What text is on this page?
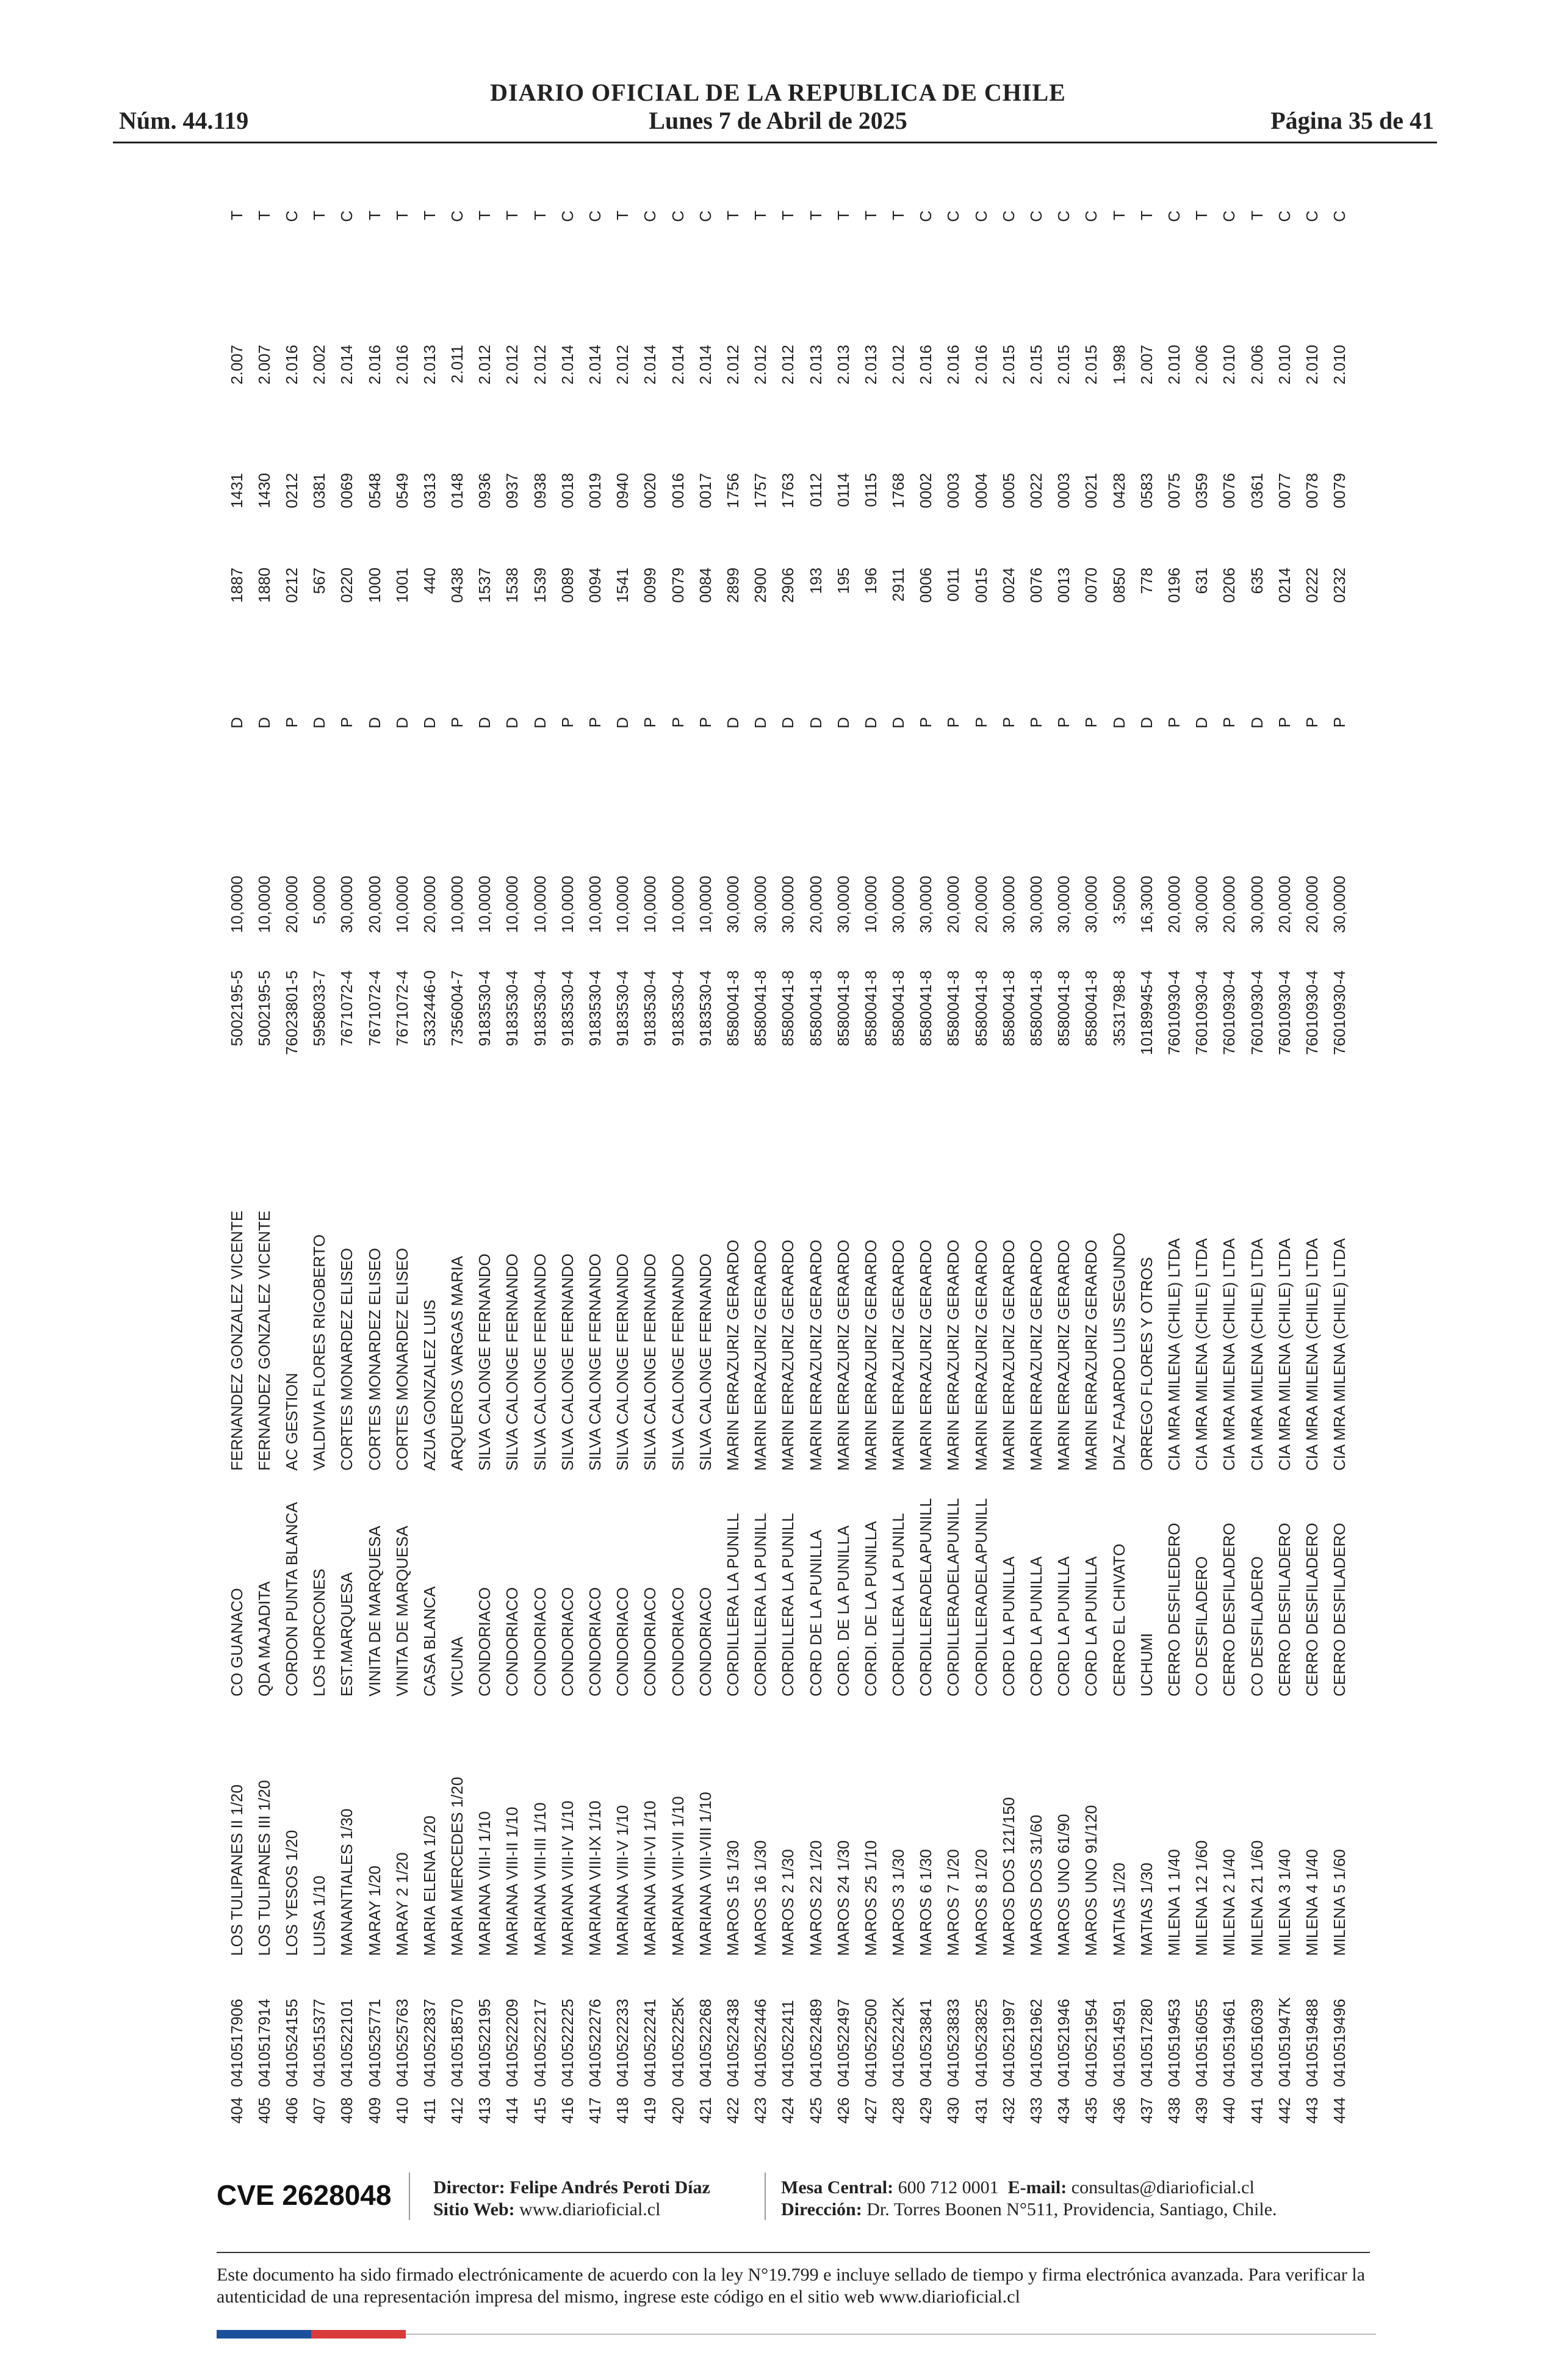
DIARIO OFICIAL DE LA REPUBLICA DE CHILE
Núm. 44.119	Lunes 7 de Abril de 2025	Página 35 de 41
404	0410517906	LOS TULIPANES II 1/20	CO GUANACO	FERNANDEZ GONZALEZ VICENTE	5002195-5	10,0000	D	1887	1431	2.007	T
405	0410517914	LOS TULIPANES III 1/20	QDA MAJADITA	FERNANDEZ GONZALEZ VICENTE	5002195-5	10,0000	D	1880	1430	2.007	T
406	0410524155	LOS YESOS 1/20	CORDON PUNTA BLANCA	AC GESTION	76023801-5	20,0000	P	0212	0212	2.016	C
407	0410515377	LUISA 1/10	LOS HORCONES	VALDIVIA FLORES RIGOBERTO	5958033-7	5,0000	D	567	0381	2.002	T
408	0410522101	MANANTIALES 1/30	EST.MARQUESA	CORTES MONARDEZ ELISEO	7671072-4	30,0000	P	0220	0069	2.014	C
409	0410525771	MARAY 1/20	VINITA DE MARQUESA	CORTES MONARDEZ ELISEO	7671072-4	20,0000	D	1000	0548	2.016	T
410	0410525763	MARAY 2 1/20	VINITA DE MARQUESA	CORTES MONARDEZ ELISEO	7671072-4	10,0000	D	1001	0549	2.016	T
411	0410522837	MARIA ELENA 1/20	CASA BLANCA	AZUA GONZALEZ LUIS	5332446-0	20,0000	D	440	0313	2.013	T
412	0410518570	MARIA MERCEDES 1/20	VICUNA	ARQUEROS VARGAS MARIA	7356004-7	10,0000	P	0438	0148	2.011	C
413	0410522195	MARIANA VIII-I 1/10	CONDORIACO	SILVA CALONGE FERNANDO	9183530-4	10,0000	D	1537	0936	2.012	T
414	0410522209	MARIANA VIII-II 1/10	CONDORIACO	SILVA CALONGE FERNANDO	9183530-4	10,0000	D	1538	0937	2.012	T
415	0410522217	MARIANA VIII-III 1/10	CONDORIACO	SILVA CALONGE FERNANDO	9183530-4	10,0000	D	1539	0938	2.012	T
416	0410522225	MARIANA VIII-IV 1/10	CONDORIACO	SILVA CALONGE FERNANDO	9183530-4	10,0000	P	0089	0018	2.014	C
417	0410522276	MARIANA VIII-IX 1/10	CONDORIACO	SILVA CALONGE FERNANDO	9183530-4	10,0000	P	0094	0019	2.014	C
418	0410522233	MARIANA VIII-V 1/10	CONDORIACO	SILVA CALONGE FERNANDO	9183530-4	10,0000	D	1541	0940	2.012	T
419	0410522241	MARIANA VIII-VI 1/10	CONDORIACO	SILVA CALONGE FERNANDO	9183530-4	10,0000	P	0099	0020	2.014	C
420	041052225K	MARIANA VIII-VII 1/10	CONDORIACO	SILVA CALONGE FERNANDO	9183530-4	10,0000	P	0079	0016	2.014	C
421	0410522268	MARIANA VIII-VIII 1/10	CONDORIACO	SILVA CALONGE FERNANDO	9183530-4	10,0000	P	0084	0017	2.014	C
422	0410522438	MAROS 15 1/30	CORDILLERA LA PUNILL	MARIN ERRAZURIZ GERARDO	8580041-8	30,0000	D	2899	1756	2.012	T
423	0410522446	MAROS 16 1/30	CORDILLERA LA PUNILL	MARIN ERRAZURIZ GERARDO	8580041-8	30,0000	D	2900	1757	2.012	T
424	0410522411	MAROS 2 1/30	CORDILLERA LA PUNILL	MARIN ERRAZURIZ GERARDO	8580041-8	30,0000	D	2906	1763	2.012	T
425	0410522489	MAROS 22 1/20	CORD DE LA PUNILLA	MARIN ERRAZURIZ GERARDO	8580041-8	20,0000	D	193	0112	2.013	T
426	0410522497	MAROS 24 1/30	CORD. DE LA PUNILLA	MARIN ERRAZURIZ GERARDO	8580041-8	30,0000	D	195	0114	2.013	T
427	0410522500	MAROS 25 1/10	CORDI. DE LA PUNILLA	MARIN ERRAZURIZ GERARDO	8580041-8	10,0000	D	196	0115	2.013	T
428	041052242K	MAROS 3 1/30	CORDILLERA LA PUNILL	MARIN ERRAZURIZ GERARDO	8580041-8	30,0000	D	2911	1768	2.012	T
429	0410523841	MAROS 6 1/30	CORDILLERADELAPUNILL	MARIN ERRAZURIZ GERARDO	8580041-8	30,0000	P	0006	0002	2.016	C
430	0410523833	MAROS 7 1/20	CORDILLERADELAPUNILL	MARIN ERRAZURIZ GERARDO	8580041-8	20,0000	P	0011	0003	2.016	C
431	0410523825	MAROS 8 1/20	CORDILLERADELAPUNILL	MARIN ERRAZURIZ GERARDO	8580041-8	20,0000	P	0015	0004	2.016	C
432	0410521997	MAROS DOS 121/150	CORD LA PUNILLA	MARIN ERRAZURIZ GERARDO	8580041-8	30,0000	P	0024	0005	2.015	C
433	0410521962	MAROS DOS 31/60	CORD LA PUNILLA	MARIN ERRAZURIZ GERARDO	8580041-8	30,0000	P	0076	0022	2.015	C
434	0410521946	MAROS UNO 61/90	CORD LA PUNILLA	MARIN ERRAZURIZ GERARDO	8580041-8	30,0000	P	0013	0003	2.015	C
435	0410521954	MAROS UNO 91/120	CORD LA PUNILLA	MARIN ERRAZURIZ GERARDO	8580041-8	30,0000	P	0070	0021	2.015	C
436	0410514591	MATIAS 1/20	CERRO EL CHIVATO	DIAZ FAJARDO LUIS SEGUNDO	3531798-8	3,5000	D	0850	0428	1.998	T
437	0410517280	MATIAS 1/30	UCHUMI	ORREGO FLORES Y OTROS	10189945-4	16,3000	D	778	0583	2.007	T
438	0410519453	MILENA 1 1/40	CERRO DESFILEDERO	CIA MRA MILENA (CHILE) LTDA	76010930-4	20,0000	P	0196	0075	2.010	C
439	0410516055	MILENA 12 1/60	CO DESFILADERO	CIA MRA MILENA (CHILE) LTDA	76010930-4	30,0000	D	631	0359	2.006	T
440	0410519461	MILENA 2 1/40	CERRO DESFILADERO	CIA MRA MILENA (CHILE) LTDA	76010930-4	20,0000	P	0206	0076	2.010	C
441	0410516039	MILENA 21 1/60	CO DESFILADERO	CIA MRA MILENA (CHILE) LTDA	76010930-4	30,0000	D	635	0361	2.006	T
442	041051947K	MILENA 3 1/40	CERRO DESFILADERO	CIA MRA MILENA (CHILE) LTDA	76010930-4	20,0000	P	0214	0077	2.010	C
443	0410519488	MILENA 4 1/40	CERRO DESFILADERO	CIA MRA MILENA (CHILE) LTDA	76010930-4	20,0000	P	0222	0078	2.010	C
444	0410519496	MILENA 5 1/60	CERRO DESFILADERO	CIA MRA MILENA (CHILE) LTDA	76010930-4	30,0000	P	0232	0079	2.010	C
CVE 2628048 Director: Felipe Andrés Peroti Díaz
Sitio Web: www.diarioficial.cl
Mesa Central: 600 712 0001 E-mail: consultas@diarioficial.cl
Dirección: Dr. Torres Boonen N°511, Providencia, Santiago, Chile.
Este documento ha sido firmado electrónicamente de acuerdo con la ley N°19.799 e incluye sellado de tiempo y firma electrónica avanzada. Para verificar la autenticidad de una representación impresa del mismo, ingrese este código en el sitio web www.diarioficial.cl
